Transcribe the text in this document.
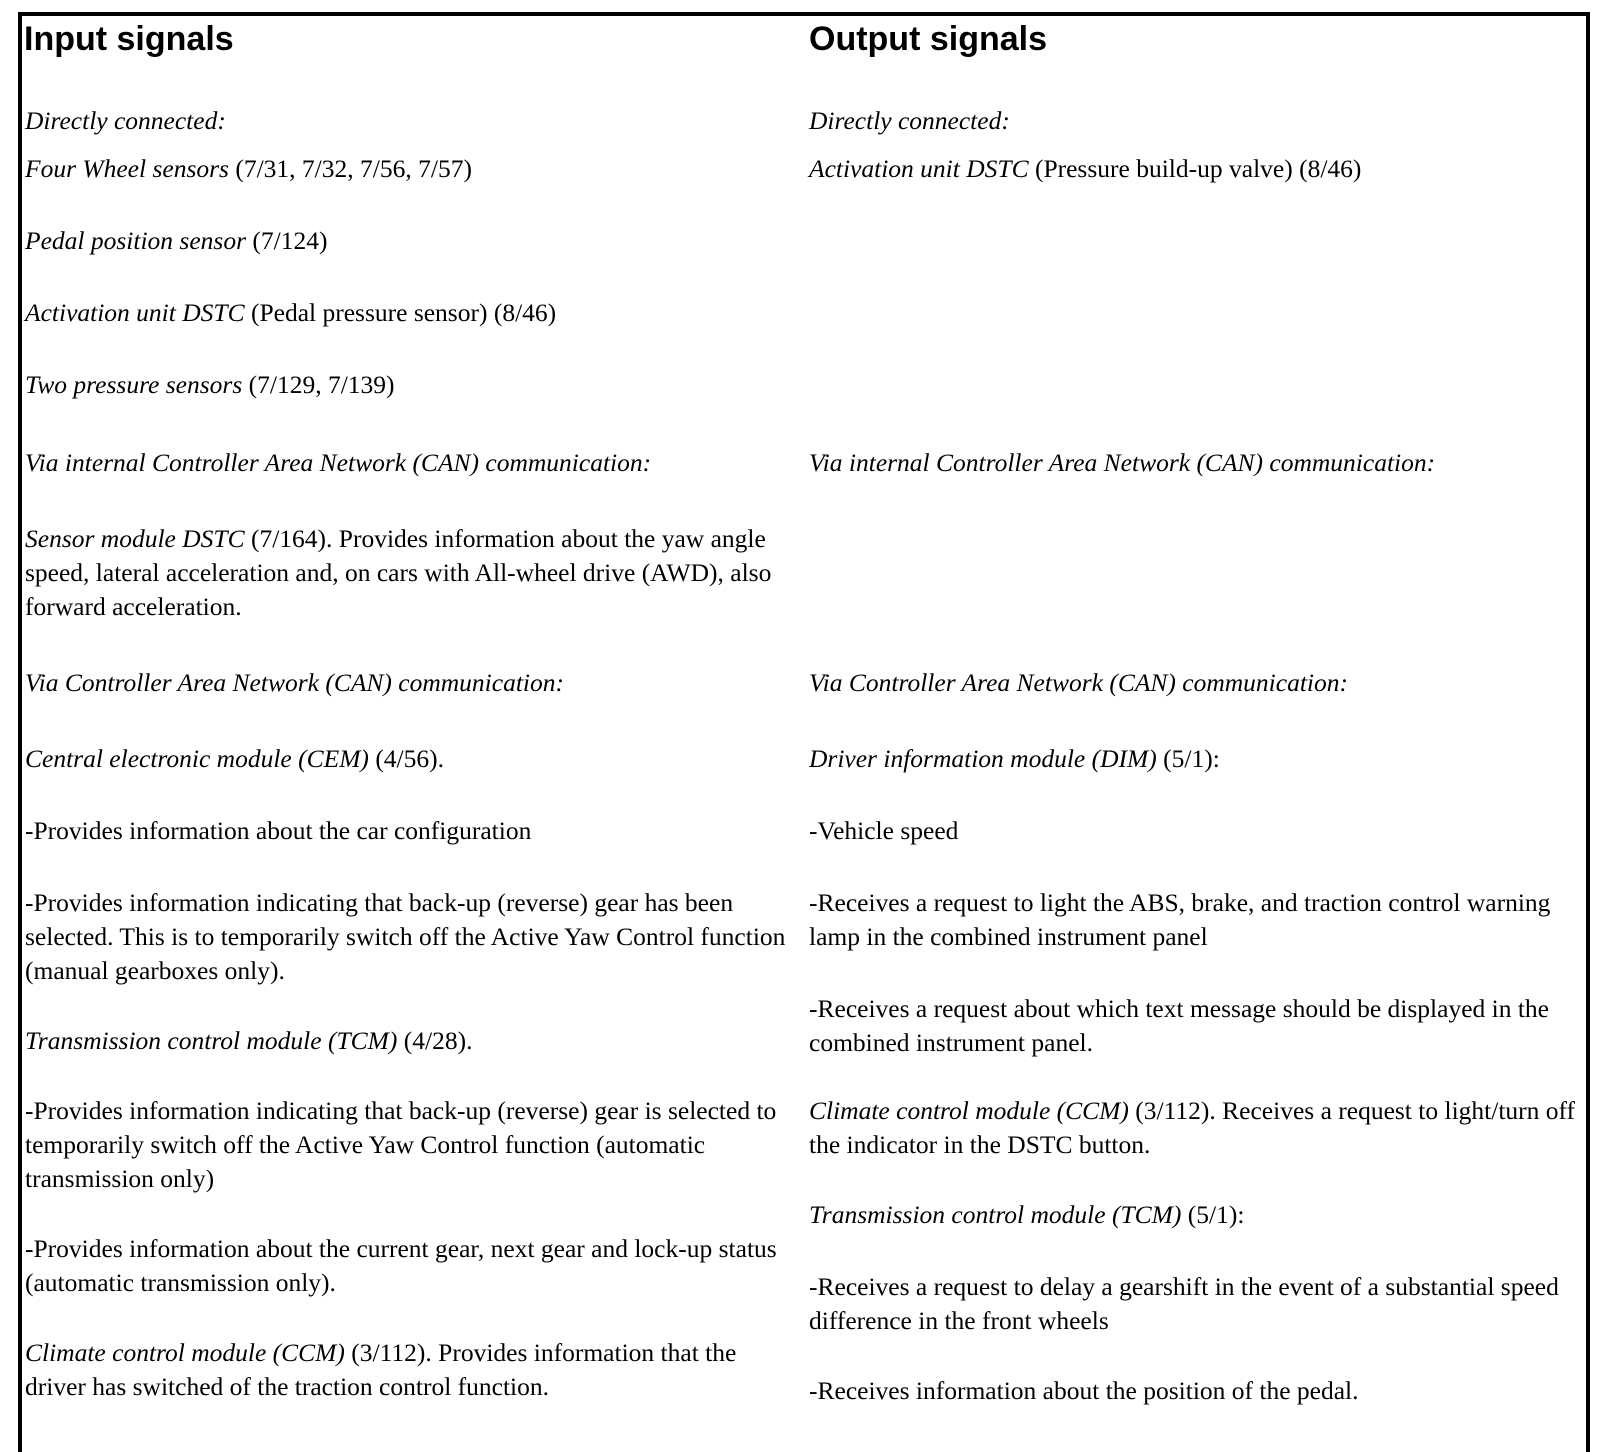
Input signals	Output signals

Directly connected:

Four Wheel sensors (7/31, 7/32, 7/56, 7/57)

Pedal position sensor (7/124)

Activation unit DSTC (Pedal pressure sensor) (8/46)

Two pressure sensors (7/129, 7/139)

Via internal Controller Area Network (CAN) communication:

Sensor module DSTC (7/164). Provides information about the yaw angle speed, lateral acceleration and, on cars with All-wheel drive (AWD), also forward acceleration.

Via Controller Area Network (CAN) communication:

Central electronic module (CEM) (4/56).

-Provides information about the car configuration

-Provides information indicating that back-up (reverse) gear has been selected. This is to temporarily switch off the Active Yaw Control function (manual gearboxes only).

Transmission control module (TCM) (4/28).

-Provides information indicating that back-up (reverse) gear is selected to temporarily switch off the Active Yaw Control function (automatic transmission only)

-Provides information about the current gear, next gear and lock-up status (automatic transmission only).

Climate control module (CCM) (3/112). Provides information that the driver has switched of the traction control function.

Directly connected:

Activation unit DSTC (Pressure build-up valve) (8/46)

Via internal Controller Area Network (CAN) communication:

Via Controller Area Network (CAN) communication:

Driver information module (DIM) (5/1):

-Vehicle speed

-Receives a request to light the ABS, brake, and traction control warning lamp in the combined instrument panel

-Receives a request about which text message should be displayed in the combined instrument panel.

Climate control module (CCM) (3/112). Receives a request to light/turn off the indicator in the DSTC button.

Transmission control module (TCM) (5/1):

-Receives a request to delay a gearshift in the event of a substantial speed difference in the front wheels

-Receives information about the position of the pedal.
